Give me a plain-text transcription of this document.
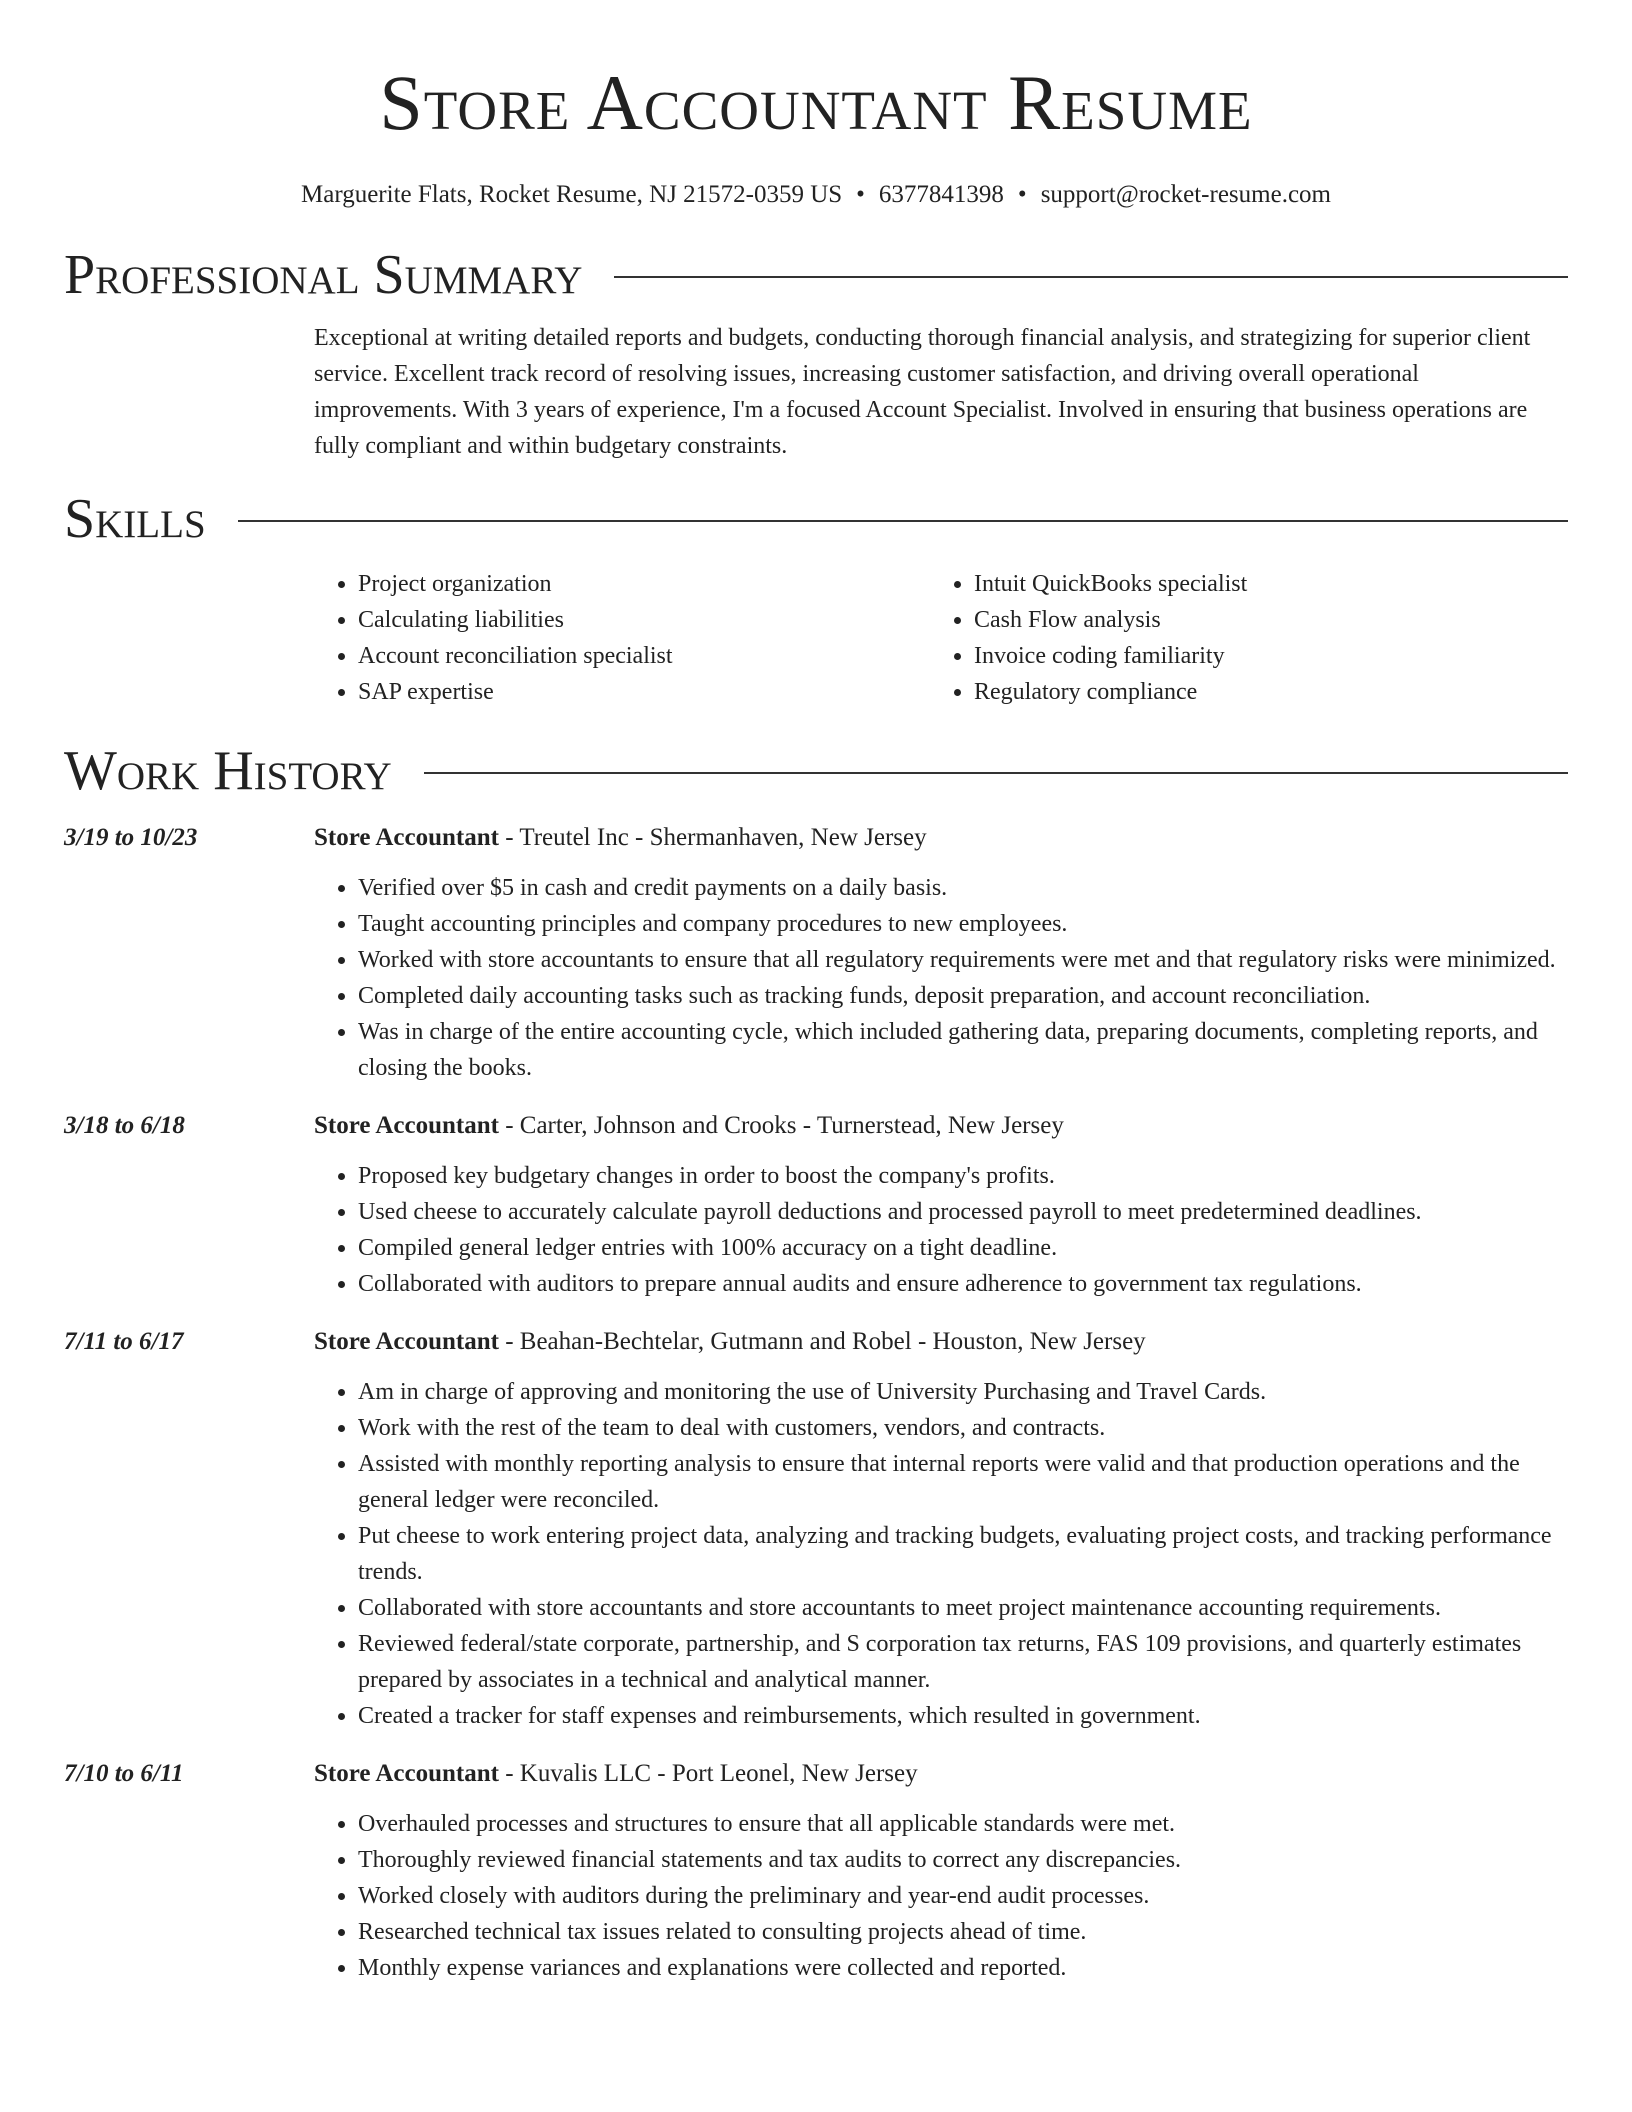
Store Accountant Resume
Marguerite Flats, Rocket Resume, NJ 21572-0359 US • 6377841398 • support@rocket-resume.com
Professional Summary
Exceptional at writing detailed reports and budgets, conducting thorough financial analysis, and strategizing for superior client service. Excellent track record of resolving issues, increasing customer satisfaction, and driving overall operational improvements. With 3 years of experience, I'm a focused Account Specialist. Involved in ensuring that business operations are fully compliant and within budgetary constraints.
Skills
• Project organization
• Calculating liabilities
• Account reconciliation specialist
• SAP expertise
• Intuit QuickBooks specialist
• Cash Flow analysis
• Invoice coding familiarity
• Regulatory compliance
Work History
3/19 to 10/23	Store Accountant - Treutel Inc - Shermanhaven, New Jersey
• Verified over $5 in cash and credit payments on a daily basis.
• Taught accounting principles and company procedures to new employees.
• Worked with store accountants to ensure that all regulatory requirements were met and that regulatory risks were minimized.
• Completed daily accounting tasks such as tracking funds, deposit preparation, and account reconciliation.
• Was in charge of the entire accounting cycle, which included gathering data, preparing documents, completing reports, and closing the books.
3/18 to 6/18	Store Accountant - Carter, Johnson and Crooks - Turnerstead, New Jersey
• Proposed key budgetary changes in order to boost the company's profits.
• Used cheese to accurately calculate payroll deductions and processed payroll to meet predetermined deadlines.
• Compiled general ledger entries with 100% accuracy on a tight deadline.
• Collaborated with auditors to prepare annual audits and ensure adherence to government tax regulations.
7/11 to 6/17	Store Accountant - Beahan-Bechtelar, Gutmann and Robel - Houston, New Jersey
• Am in charge of approving and monitoring the use of University Purchasing and Travel Cards.
• Work with the rest of the team to deal with customers, vendors, and contracts.
• Assisted with monthly reporting analysis to ensure that internal reports were valid and that production operations and the general ledger were reconciled.
• Put cheese to work entering project data, analyzing and tracking budgets, evaluating project costs, and tracking performance trends.
• Collaborated with store accountants and store accountants to meet project maintenance accounting requirements.
• Reviewed federal/state corporate, partnership, and S corporation tax returns, FAS 109 provisions, and quarterly estimates prepared by associates in a technical and analytical manner.
• Created a tracker for staff expenses and reimbursements, which resulted in government.
7/10 to 6/11	Store Accountant - Kuvalis LLC - Port Leonel, New Jersey
• Overhauled processes and structures to ensure that all applicable standards were met.
• Thoroughly reviewed financial statements and tax audits to correct any discrepancies.
• Worked closely with auditors during the preliminary and year-end audit processes.
• Researched technical tax issues related to consulting projects ahead of time.
• Monthly expense variances and explanations were collected and reported.
